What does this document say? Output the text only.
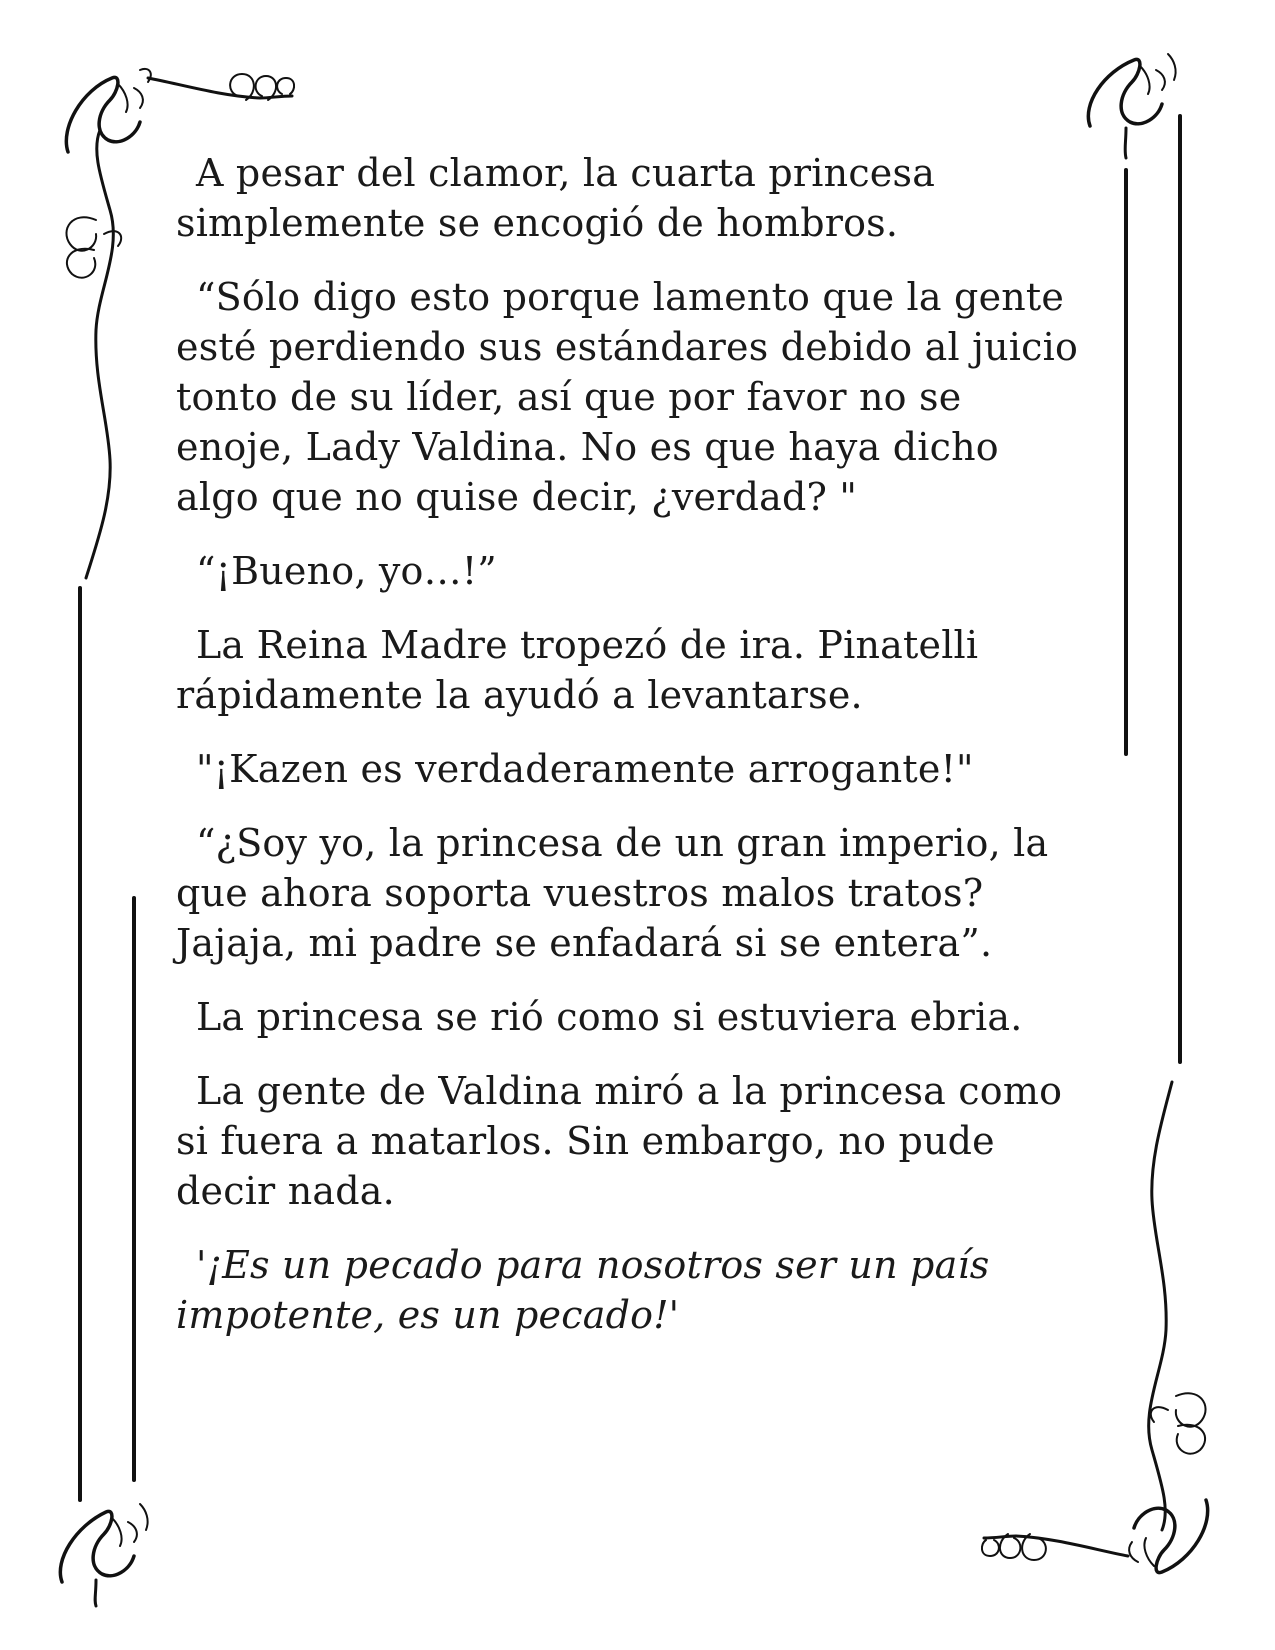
A pesar del clamor, la cuarta princesa simplemente se encogió de hombros.

“Sólo digo esto porque lamento que la gente esté perdiendo sus estándares debido al juicio tonto de su líder, así que por favor no se enoje, Lady Valdina. No es que haya dicho algo que no quise decir, ¿verdad? "

“¡Bueno, yo…!”

La Reina Madre tropezó de ira. Pinatelli rápidamente la ayudó a levantarse.

"¡Kazen es verdaderamente arrogante!"

“¿Soy yo, la princesa de un gran imperio, la que ahora soporta vuestros malos tratos? Jajaja, mi padre se enfadará si se entera”.

La princesa se rió como si estuviera ebria.

La gente de Valdina miró a la princesa como si fuera a matarlos. Sin embargo, no pude decir nada.

'¡Es un pecado para nosotros ser un país impotente, es un pecado!'
